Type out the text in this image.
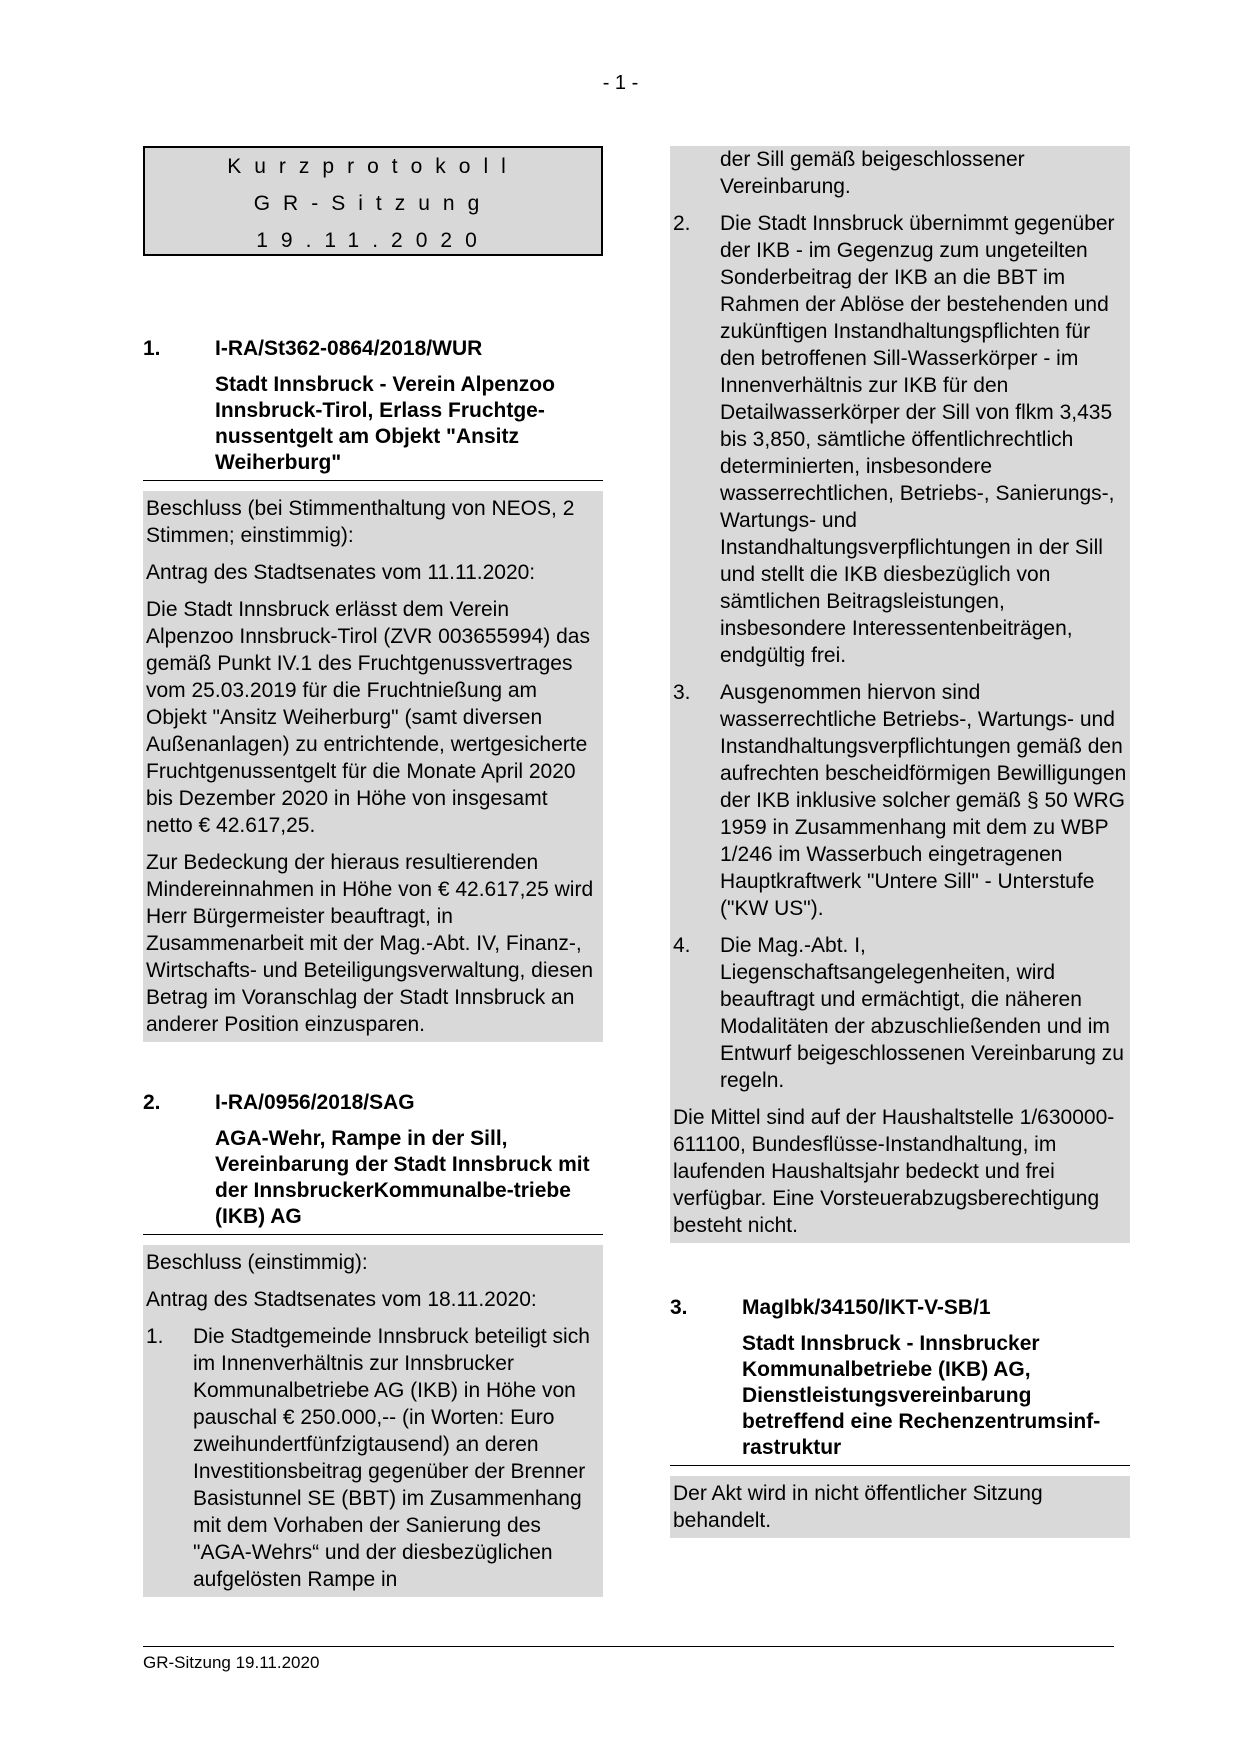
- 1 -
Kurzprotokoll
GR-Sitzung
19.11.2020
1.	I-RA/St362-0864/2018/WUR
Stadt Innsbruck - Verein Alpenzoo Innsbruck-Tirol, Erlass Fruchtge-nussentgelt am Objekt "Ansitz Weiherburg"

Beschluss (bei Stimmenthaltung von NEOS, 2 Stimmen; einstimmig):

Antrag des Stadtsenates vom 11.11.2020:

Die Stadt Innsbruck erlässt dem Verein Alpenzoo Innsbruck-Tirol (ZVR 003655994) das gemäß Punkt IV.1 des Fruchtgenussvertrages vom 25.03.2019 für die Fruchtnießung am Objekt "Ansitz Weiherburg" (samt diversen Außenanlagen) zu entrichtende, wertgesicherte Fruchtgenussentgelt für die Monate April 2020 bis Dezember 2020 in Höhe von insgesamt netto € 42.617,25.

Zur Bedeckung der hieraus resultierenden Mindereinnahmen in Höhe von € 42.617,25 wird Herr Bürgermeister beauftragt, in Zusammenarbeit mit der Mag.-Abt. IV, Finanz-, Wirtschafts- und Beteiligungsverwaltung, diesen Betrag im Voranschlag der Stadt Innsbruck an anderer Position einzusparen.

2.	I-RA/0956/2018/SAG
AGA-Wehr, Rampe in der Sill, Vereinbarung der Stadt Innsbruck mit der InnsbruckerKommunalbe-triebe (IKB) AG

Beschluss (einstimmig):

Antrag des Stadtsenates vom 18.11.2020:

1.	Die Stadtgemeinde Innsbruck beteiligt sich im Innenverhältnis zur Innsbrucker Kommunalbetriebe AG (IKB) in Höhe von pauschal € 250.000,-- (in Worten: Euro zweihundertfünfzigtausend) an deren Investitionsbeitrag gegenüber der Brenner Basistunnel SE (BBT) im Zusammenhang mit dem Vorhaben der Sanierung des "AGA-Wehrs“ und der diesbezüglichen aufgelösten Rampe in
der Sill gemäß beigeschlossener Vereinbarung.
2.	Die Stadt Innsbruck übernimmt gegenüber der IKB - im Gegenzug zum ungeteilten Sonderbeitrag der IKB an die BBT im Rahmen der Ablöse der bestehenden und zukünftigen Instandhaltungspflichten für den betroffenen Sill-Wasserkörper - im Innenverhältnis zur IKB für den Detailwasserkörper der Sill von flkm 3,435 bis 3,850, sämtliche öffentlichrechtlich determinierten, insbesondere wasserrechtlichen, Betriebs-, Sanierungs-, Wartungs- und Instandhaltungsverpflichtungen in der Sill und stellt die IKB diesbezüglich von sämtlichen Beitragsleistungen, insbesondere Interessentenbeiträgen, endgültig frei.
3.	Ausgenommen hiervon sind wasserrechtliche Betriebs-, Wartungs- und Instandhaltungsverpflichtungen gemäß den aufrechten bescheidförmigen Bewilligungen der IKB inklusive solcher gemäß § 50 WRG 1959 in Zusammenhang mit dem zu WBP 1/246 im Wasserbuch eingetragenen Hauptkraftwerk "Untere Sill" - Unterstufe ("KW US").
4.	Die Mag.-Abt. I, Liegenschaftsangelegenheiten, wird beauftragt und ermächtigt, die näheren Modalitäten der abzuschließenden und im Entwurf beigeschlossenen Vereinbarung zu regeln.

Die Mittel sind auf der Haushaltstelle 1/630000-611100, Bundesflüsse-Instandhaltung, im laufenden Haushaltsjahr bedeckt und frei verfügbar. Eine Vorsteuerabzugsberechtigung besteht nicht.

3.	MagIbk/34150/IKT-V-SB/1
Stadt Innsbruck - Innsbrucker Kommunalbetriebe (IKB) AG, Dienstleistungsvereinbarung betreffend eine Rechenzentrumsinf-rastruktur

Der Akt wird in nicht öffentlicher Sitzung behandelt.

GR-Sitzung 19.11.2020
